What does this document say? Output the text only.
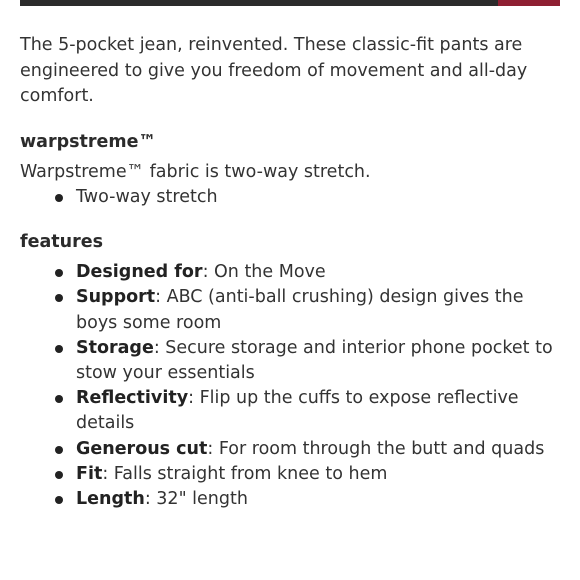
The 5-pocket jean, reinvented. These classic-fit pants are engineered to give you freedom of movement and all-day comfort.

warpstreme™

Warpstreme™ fabric is two-way stretch.

Two-way stretch
features
Designed for: On the Move
Support: ABC (anti-ball crushing) design gives the boys some room
Storage: Secure storage and interior phone pocket to stow your essentials
Reflectivity: Flip up the cuffs to expose reflective details
Generous cut: For room through the butt and quads
Fit: Falls straight from knee to hem
Length: 32" length
